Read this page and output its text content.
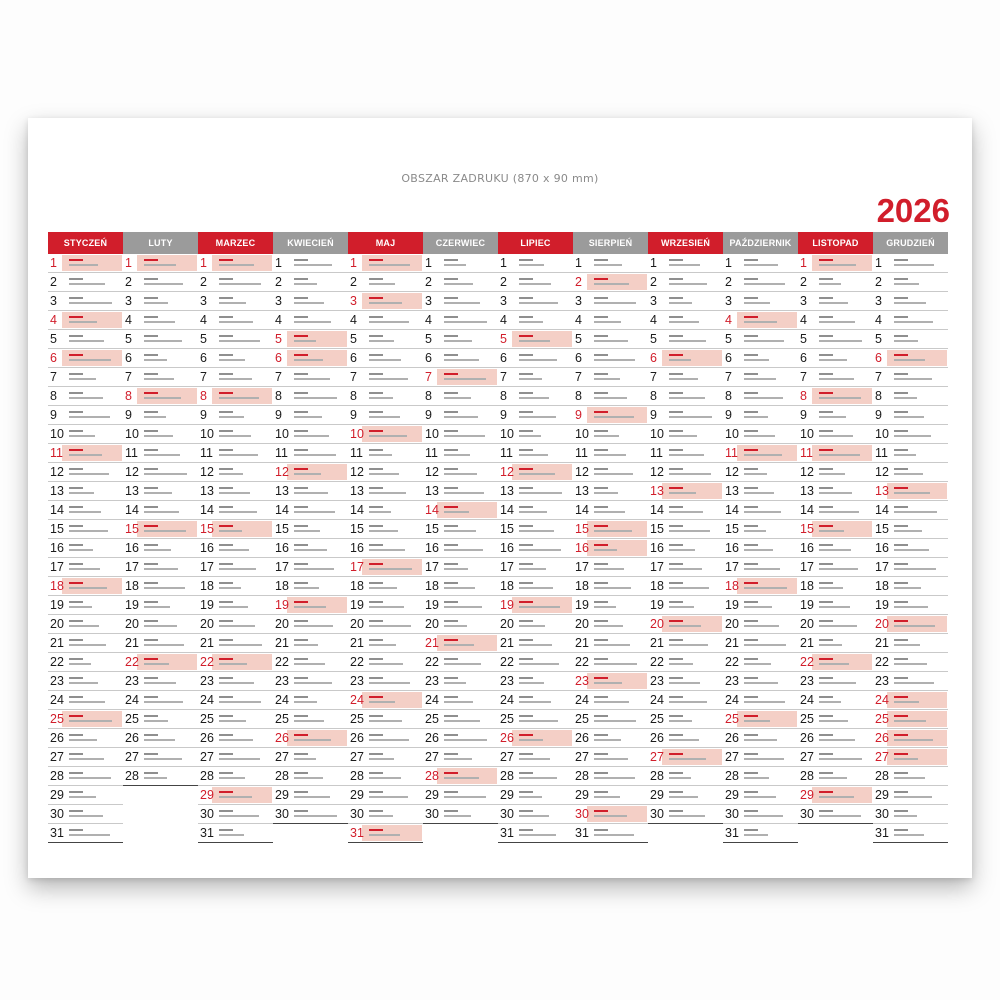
OBSZAR ZADRUKU (870 x 90 mm)
2026
STYCZEŃ
1
2
3
4
5
6
7
8
9
10
11
12
13
14
15
16
17
18
19
20
21
22
23
24
25
26
27
28
29
30
31
LUTY
1
2
3
4
5
6
7
8
9
10
11
12
13
14
15
16
17
18
19
20
21
22
23
24
25
26
27
28
MARZEC
1
2
3
4
5
6
7
8
9
10
11
12
13
14
15
16
17
18
19
20
21
22
23
24
25
26
27
28
29
30
31
KWIECIEŃ
1
2
3
4
5
6
7
8
9
10
11
12
13
14
15
16
17
18
19
20
21
22
23
24
25
26
27
28
29
30
MAJ
1
2
3
4
5
6
7
8
9
10
11
12
13
14
15
16
17
18
19
20
21
22
23
24
25
26
27
28
29
30
31
CZERWIEC
1
2
3
4
5
6
7
8
9
10
11
12
13
14
15
16
17
18
19
20
21
22
23
24
25
26
27
28
29
30
LIPIEC
1
2
3
4
5
6
7
8
9
10
11
12
13
14
15
16
17
18
19
20
21
22
23
24
25
26
27
28
29
30
31
SIERPIEŃ
1
2
3
4
5
6
7
8
9
10
11
12
13
14
15
16
17
18
19
20
21
22
23
24
25
26
27
28
29
30
31
WRZESIEŃ
1
2
3
4
5
6
7
8
9
10
11
12
13
14
15
16
17
18
19
20
21
22
23
24
25
26
27
28
29
30
PAŹDZIERNIK
1
2
3
4
5
6
7
8
9
10
11
12
13
14
15
16
17
18
19
20
21
22
23
24
25
26
27
28
29
30
31
LISTOPAD
1
2
3
4
5
6
7
8
9
10
11
12
13
14
15
16
17
18
19
20
21
22
23
24
25
26
27
28
29
30
GRUDZIEŃ
1
2
3
4
5
6
7
8
9
10
11
12
13
14
15
16
17
18
19
20
21
22
23
24
25
26
27
28
29
30
31
